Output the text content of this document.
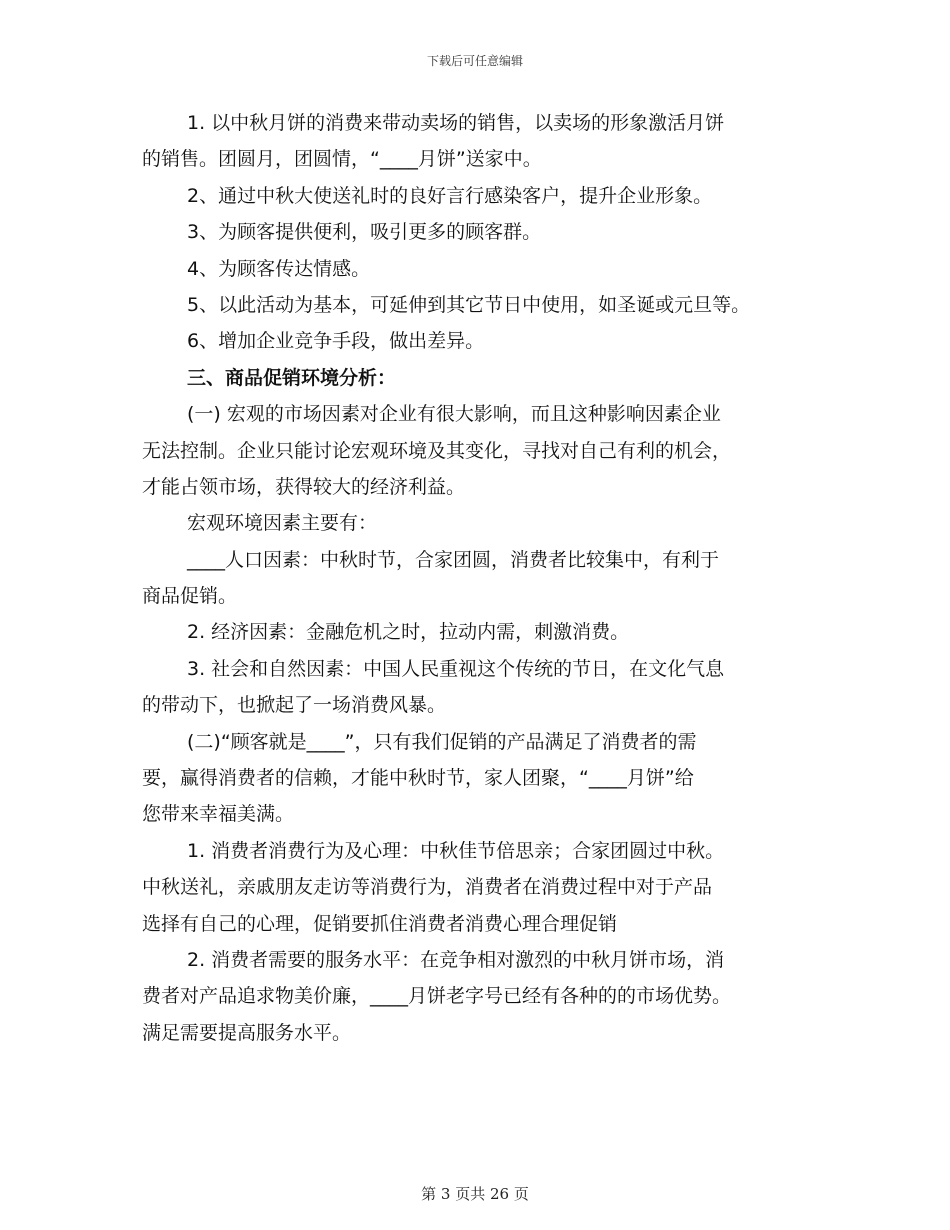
下载后可任意编辑
1. 以中秋月饼的消费来带动卖场的销售，以卖场的形象激活月饼
的销售。团圆月，团圆情，“____月饼”送家中。
2、通过中秋大使送礼时的良好言行感染客户，提升企业形象。
3、为顾客提供便利，吸引更多的顾客群。
4、为顾客传达情感。
5、以此活动为基本，可延伸到其它节日中使用，如圣诞或元旦等。
6、增加企业竞争手段，做出差异。
三、商品促销环境分析：
(一) 宏观的市场因素对企业有很大影响，而且这种影响因素企业
无法控制。企业只能讨论宏观环境及其变化，寻找对自己有利的机会，
才能占领市场，获得较大的经济利益。
宏观环境因素主要有：
____人口因素：中秋时节，合家团圆，消费者比较集中，有利于
商品促销。
2. 经济因素：金融危机之时，拉动内需，刺激消费。
3. 社会和自然因素：中国人民重视这个传统的节日，在文化气息
的带动下，也掀起了一场消费风暴。
(二)“顾客就是____”，只有我们促销的产品满足了消费者的需
要，赢得消费者的信赖，才能中秋时节，家人团聚，“____月饼”给
您带来幸福美满。
1. 消费者消费行为及心理：中秋佳节倍思亲；合家团圆过中秋。
中秋送礼，亲戚朋友走访等消费行为，消费者在消费过程中对于产品
选择有自己的心理，促销要抓住消费者消费心理合理促销
2. 消费者需要的服务水平：在竞争相对激烈的中秋月饼市场，消
费者对产品追求物美价廉，____月饼老字号已经有各种的的市场优势。
满足需要提高服务水平。
第 3 页共 26 页
